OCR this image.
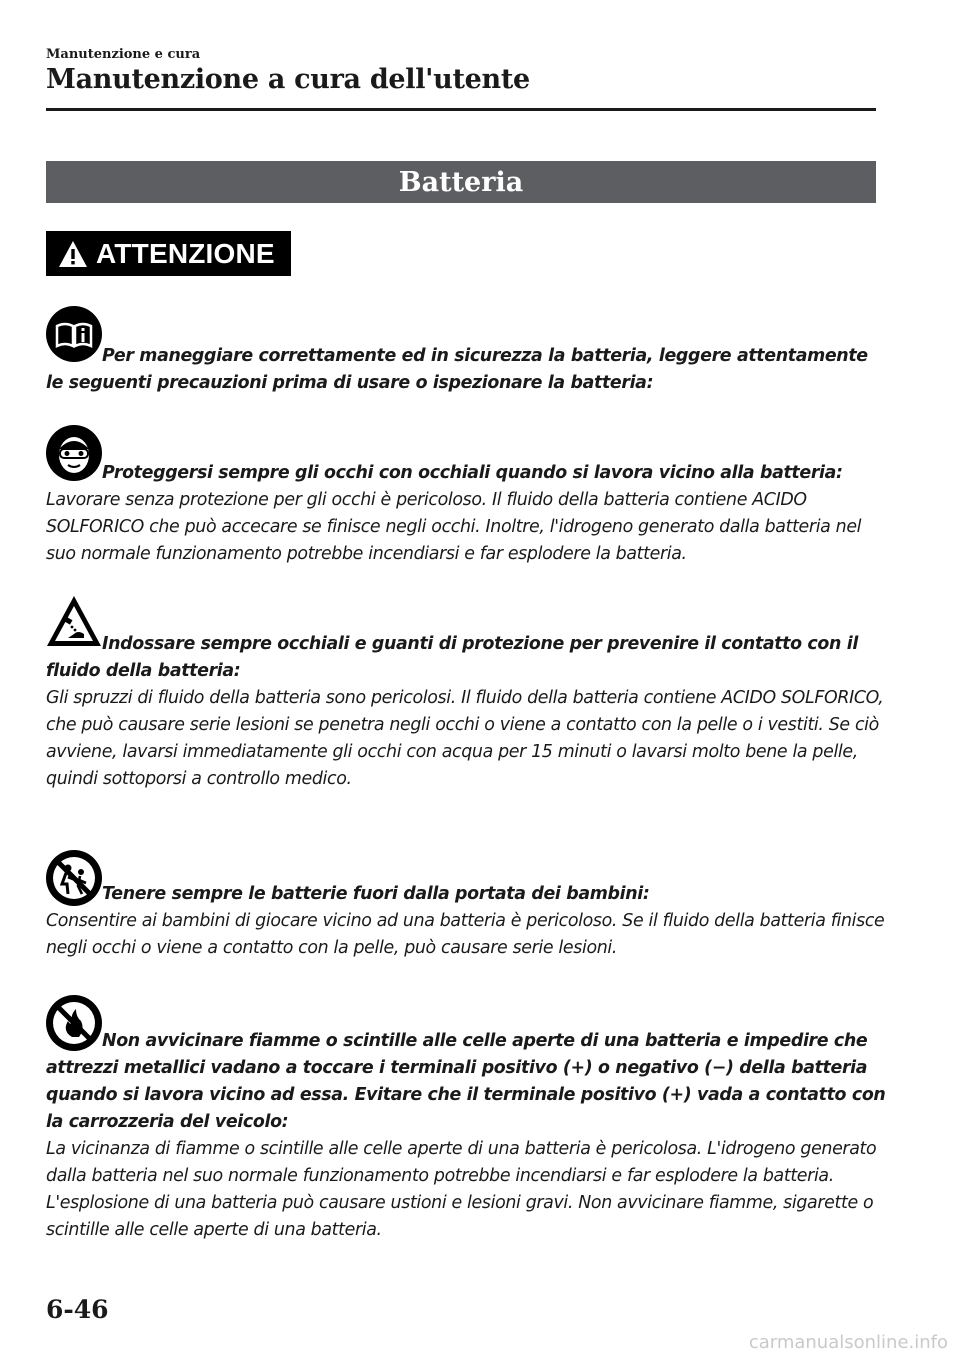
Manutenzione e cura
Manutenzione a cura dell'utente
Batteria
ATTENZIONE
Per maneggiare correttamente ed in sicurezza la batteria, leggere attentamente le seguenti precauzioni prima di usare o ispezionare la batteria:
Proteggersi sempre gli occhi con occhiali quando si lavora vicino alla batteria:
Lavorare senza protezione per gli occhi è pericoloso. Il fluido della batteria contiene ACIDO SOLFORICO che può accecare se finisce negli occhi. Inoltre, l'idrogeno generato dalla batteria nel suo normale funzionamento potrebbe incendiarsi e far esplodere la batteria.
Indossare sempre occhiali e guanti di protezione per prevenire il contatto con il fluido della batteria:
Gli spruzzi di fluido della batteria sono pericolosi. Il fluido della batteria contiene ACIDO SOLFORICO, che può causare serie lesioni se penetra negli occhi o viene a contatto con la pelle o i vestiti. Se ciò avviene, lavarsi immediatamente gli occhi con acqua per 15 minuti o lavarsi molto bene la pelle, quindi sottoporsi a controllo medico.
Tenere sempre le batterie fuori dalla portata dei bambini:
Consentire ai bambini di giocare vicino ad una batteria è pericoloso. Se il fluido della batteria finisce negli occhi o viene a contatto con la pelle, può causare serie lesioni.
Non avvicinare fiamme o scintille alle celle aperte di una batteria e impedire che attrezzi metallici vadano a toccare i terminali positivo (+) o negativo (−) della batteria quando si lavora vicino ad essa. Evitare che il terminale positivo (+) vada a contatto con la carrozzeria del veicolo:
La vicinanza di fiamme o scintille alle celle aperte di una batteria è pericolosa. L'idrogeno generato dalla batteria nel suo normale funzionamento potrebbe incendiarsi e far esplodere la batteria. L'esplosione di una batteria può causare ustioni e lesioni gravi. Non avvicinare fiamme, sigarette o scintille alle celle aperte di una batteria.
6-46
carmanualsonline.info
